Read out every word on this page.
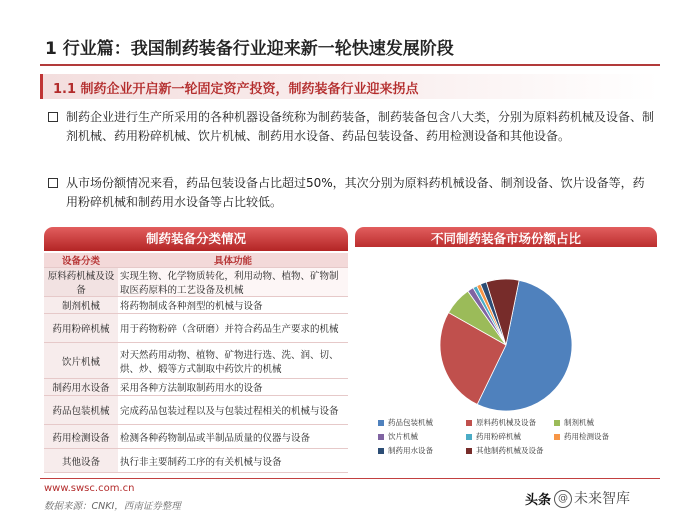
1 行业篇：我国制药装备行业迎来新一轮快速发展阶段
1.1 制药企业开启新一轮固定资产投资，制药装备行业迎来拐点
制药企业进行生产所采用的各种机器设备统称为制药装备，制药装备包含八大类，分别为原料药机械及设备、制剂机械、药用粉碎机械、饮片机械、制药用水设备、药品包装设备、药用检测设备和其他设备。
从市场份额情况来看，药品包装设备占比超过50%，其次分别为原料药机械设备、制剂设备、饮片设备等，药用粉碎机械和制药用水设备等占比较低。
制药装备分类情况
设备分类	具体功能
原料药机械及设备	实现生物、化学物质转化，利用动物、植物、矿物制取医药原料的工艺设备及机械
制剂机械	将药物制成各种剂型的机械与设备
药用粉碎机械	用于药物粉碎（含研磨）并符合药品生产要求的机械
饮片机械	对天然药用动物、植物、矿物进行选、洗、润、切、烘、炒、煅等方式制取中药饮片的机械
制药用水设备	采用各种方法制取制药用水的设备
药品包装机械	完成药品包装过程以及与包装过程相关的机械与设备
药用检测设备	检测各种药物制品或半制品质量的仪器与设备
其他设备	执行非主要制药工序的有关机械与设备
不同制药装备市场份额占比
药品包装机械	原料药机械及设备	制剂机械
饮片机械	药用粉碎机械	药用检测设备
制药用水设备	其他制药机械及设备
www.swsc.com.cn
数据来源：CNKI，西南证券整理	头条 @ 未来智库
